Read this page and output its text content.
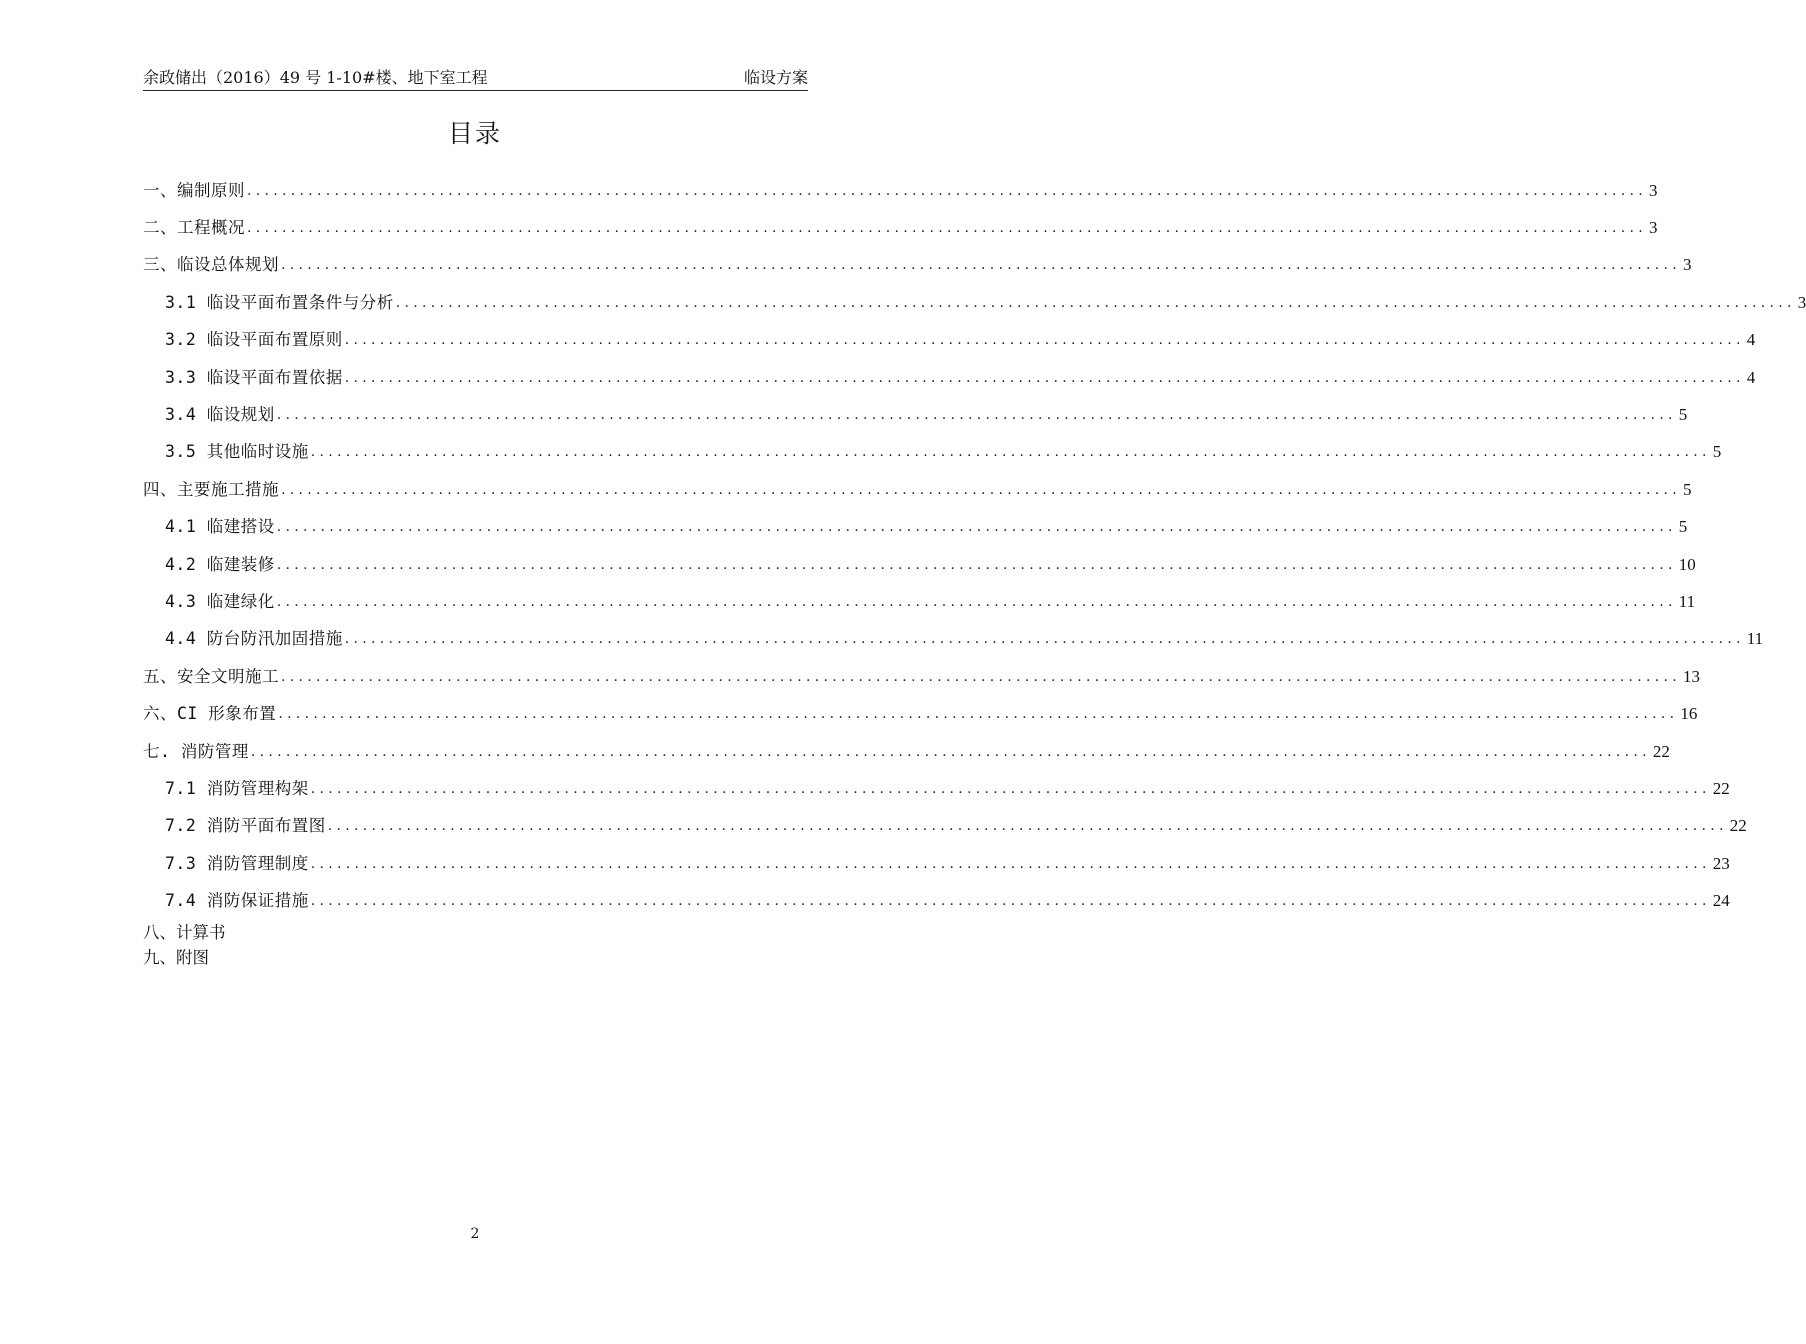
余政储出（2016）49 号 1-10#楼、地下室工程	临设方案
目录
一、编制原则 ................................................................................................................................................................ 3
二、工程概况 ................................................................................................................................................................ 3
三、临设总体规划 ................................................................................................................................................................ 3
3.1 临设平面布置条件与分析 ................................................................................................................................................................ 3
3.2 临设平面布置原则 ................................................................................................................................................................ 4
3.3 临设平面布置依据 ................................................................................................................................................................ 4
3.4 临设规划 ................................................................................................................................................................ 5
3.5 其他临时设施 ................................................................................................................................................................ 5
四、主要施工措施 ................................................................................................................................................................ 5
4.1 临建搭设 ................................................................................................................................................................ 5
4.2 临建装修 ................................................................................................................................................................ 10
4.3 临建绿化 ................................................................................................................................................................ 11
4.4 防台防汛加固措施 ................................................................................................................................................................ 11
五、安全文明施工 ................................................................................................................................................................ 13
六、CI 形象布置 ................................................................................................................................................................ 16
七. 消防管理 ................................................................................................................................................................ 22
7.1 消防管理构架 ................................................................................................................................................................ 22
7.2 消防平面布置图 ................................................................................................................................................................ 22
7.3 消防管理制度 ................................................................................................................................................................ 23
7.4 消防保证措施 ................................................................................................................................................................ 24
八、计算书
九、附图
2
